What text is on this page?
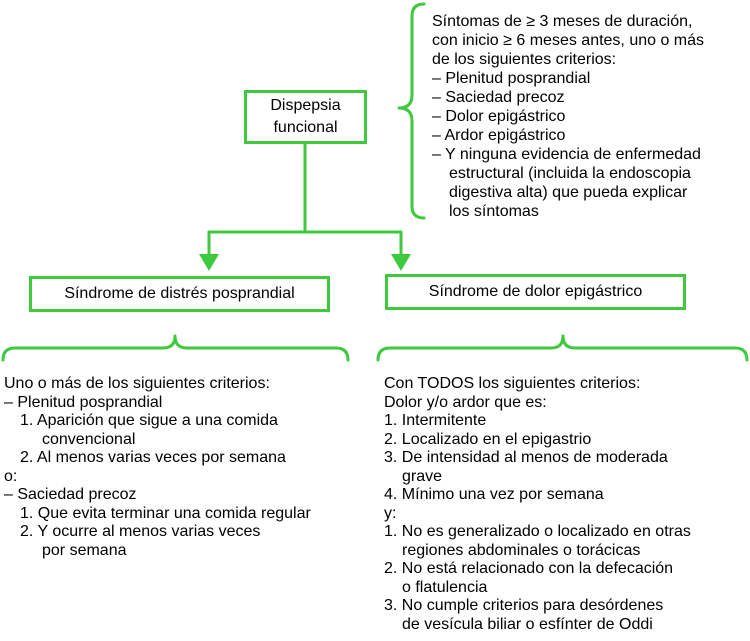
Dispepsia
funcional
Síntomas de ≥ 3 meses de duración,
con inicio ≥ 6 meses antes, uno o más
de los siguientes criterios:
– Plenitud posprandial
– Saciedad precoz
– Dolor epigástrico
– Ardor epigástrico
– Y ninguna evidencia de enfermedad
estructural (incluida la endoscopia
digestiva alta) que pueda explicar
los síntomas
Síndrome de distrés posprandial	Síndrome de dolor epigástrico
Uno o más de los siguientes criterios:
– Plenitud posprandial
1. Aparición que sigue a una comida
convencional
2. Al menos varias veces por semana
o:
– Saciedad precoz
1. Que evita terminar una comida regular
2. Y ocurre al menos varias veces
por semana
Con TODOS los siguientes criterios:
Dolor y/o ardor que es:
1. Intermitente
2. Localizado en el epigastrio
3. De intensidad al menos de moderada
grave
4. Mínimo una vez por semana
y:
1. No es generalizado o localizado en otras
regiones abdominales o torácicas
2. No está relacionado con la defecación
o flatulencia
3. No cumple criterios para desórdenes
de vesícula biliar o esfínter de Oddi
